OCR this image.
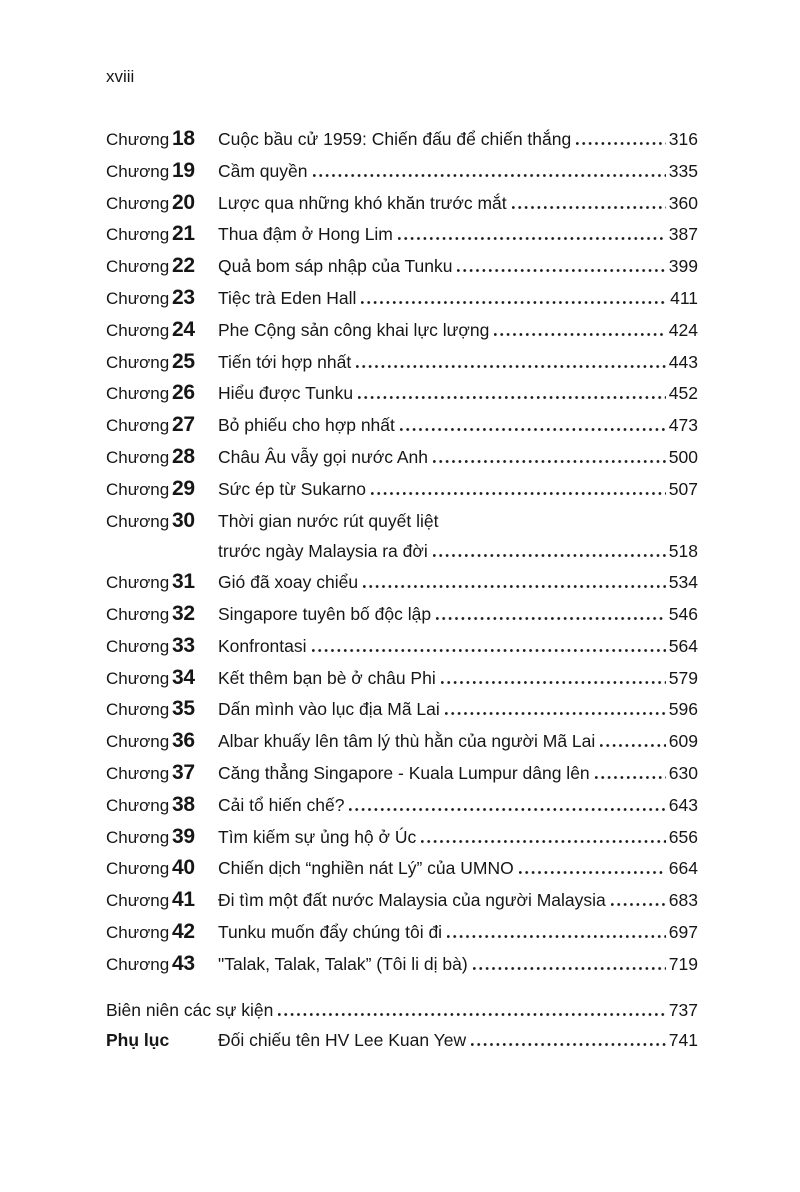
xviii
Chương 18	Cuộc bầu cử 1959: Chiến đấu để chiến thắng	316
Chương 19	Cầm quyền	335
Chương 20	Lược qua những khó khăn trước mắt	360
Chương 21	Thua đậm ở Hong Lim	387
Chương 22	Quả bom sáp nhập của Tunku	399
Chương 23	Tiệc trà Eden Hall	411
Chương 24	Phe Cộng sản công khai lực lượng	424
Chương 25	Tiến tới hợp nhất	443
Chương 26	Hiểu được Tunku	452
Chương 27	Bỏ phiếu cho hợp nhất	473
Chương 28	Châu Âu vẫy gọi nước Anh	500
Chương 29	Sức ép từ Sukarno	507
Chương 30	Thời gian nước rút quyết liệt
trước ngày Malaysia ra đời	518
Chương 31	Gió đã xoay chiểu	534
Chương 32	Singapore tuyên bố độc lập	546
Chương 33	Konfrontasi	564
Chương 34	Kết thêm bạn bè ở châu Phi	579
Chương 35	Dấn mình vào lục địa Mã Lai	596
Chương 36	Albar khuấy lên tâm lý thù hằn của người Mã Lai	609
Chương 37	Căng thẳng Singapore - Kuala Lumpur dâng lên	630
Chương 38	Cải tổ hiến chế?	643
Chương 39	Tìm kiếm sự ủng hộ ở Úc	656
Chương 40	Chiến dịch “nghiền nát Lý” của UMNO	664
Chương 41	Đi tìm một đất nước Malaysia của người Malaysia	683
Chương 42	Tunku muốn đẩy chúng tôi đi	697
Chương 43	"Talak, Talak, Talak” (Tôi li dị bà)	719
Biên niên các sự kiện	737
Phụ lục	Đối chiếu tên HV Lee Kuan Yew	741
